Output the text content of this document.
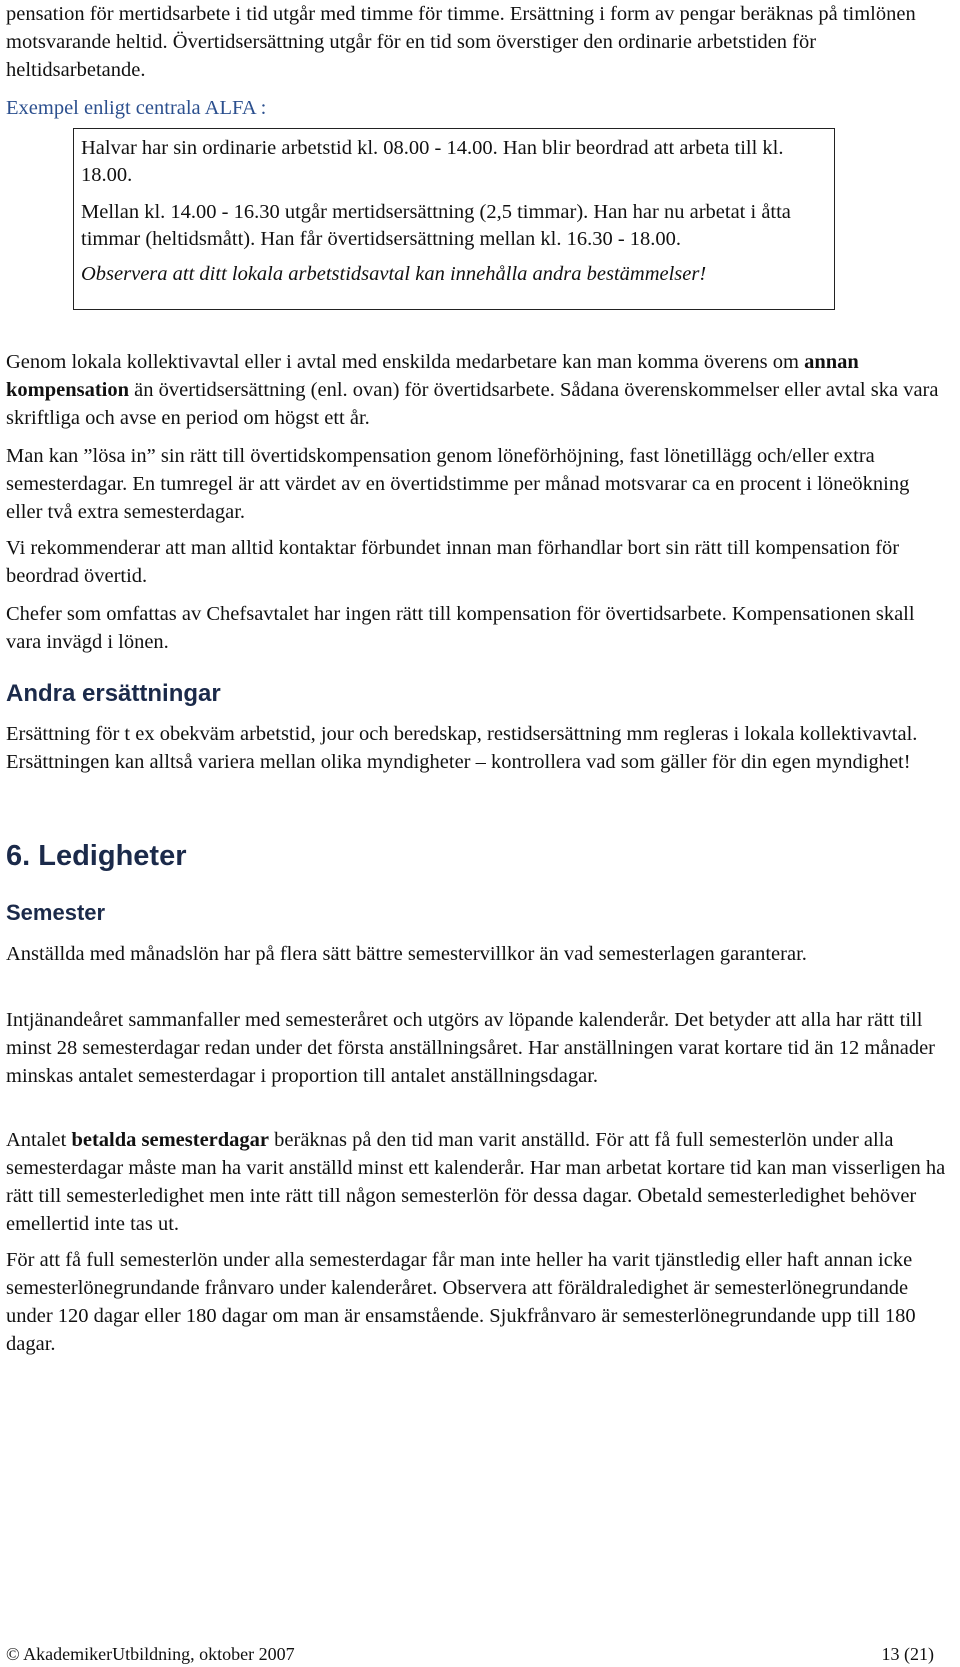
pensation för mertidsarbete i tid utgår med timme för timme. Ersättning i form av pengar beräknas på timlönen motsvarande heltid. Övertidsersättning utgår för en tid som överstiger den ordinarie arbetstiden för heltidsarbetande.

Exempel enligt centrala ALFA :

Halvar har sin ordinarie arbetstid kl. 08.00 - 14.00. Han blir beordrad att arbeta till kl. 18.00.

Mellan kl. 14.00 - 16.30 utgår mertidsersättning (2,5 timmar). Han har nu arbetat i åtta timmar (heltidsmått). Han får övertidsersättning mellan kl. 16.30 - 18.00.

Observera att ditt lokala arbetstidsavtal kan innehålla andra bestämmelser!

Genom lokala kollektivavtal eller i avtal med enskilda medarbetare kan man komma överens om annan kompensation än övertidsersättning (enl. ovan) för övertidsarbete. Sådana överenskommelser eller avtal ska vara skriftliga och avse en period om högst ett år.

Man kan ”lösa in” sin rätt till övertidskompensation genom löneförhöjning, fast lönetillägg och/eller extra semesterdagar. En tumregel är att värdet av en övertidstimme per månad motsvarar ca en procent i löneökning eller två extra semesterdagar.

Vi rekommenderar att man alltid kontaktar förbundet innan man förhandlar bort sin rätt till kompensation för beordrad övertid.

Chefer som omfattas av Chefsavtalet har ingen rätt till kompensation för övertidsarbete. Kompensationen skall vara invägd i lönen.

Andra ersättningar

Ersättning för t ex obekväm arbetstid, jour och beredskap, restidsersättning mm regleras i lokala kollektivavtal. Ersättningen kan alltså variera mellan olika myndigheter – kontrollera vad som gäller för din egen myndighet!

6. Ledigheter
Semester

Anställda med månadslön har på flera sätt bättre semestervillkor än vad semesterlagen garanterar.

Intjänandeåret sammanfaller med semesteråret och utgörs av löpande kalenderår. Det betyder att alla har rätt till minst 28 semesterdagar redan under det första anställningsåret. Har anställningen varat kortare tid än 12 månader minskas antalet semesterdagar i proportion till antalet anställningsdagar.

Antalet betalda semesterdagar beräknas på den tid man varit anställd. För att få full semesterlön under alla semesterdagar måste man ha varit anställd minst ett kalenderår. Har man arbetat kortare tid kan man visserligen ha rätt till semesterledighet men inte rätt till någon semesterlön för dessa dagar. Obetald semesterledighet behöver emellertid inte tas ut.

För att få full semesterlön under alla semesterdagar får man inte heller ha varit tjänstledig eller haft annan icke semesterlönegrundande frånvaro under kalenderåret. Observera att föräldraledighet är semesterlönegrundande under 120 dagar eller 180 dagar om man är ensamstående. Sjukfrånvaro är semesterlönegrundande upp till 180 dagar.

© AkademikerUtbildning, oktober 2007	13 (21)
